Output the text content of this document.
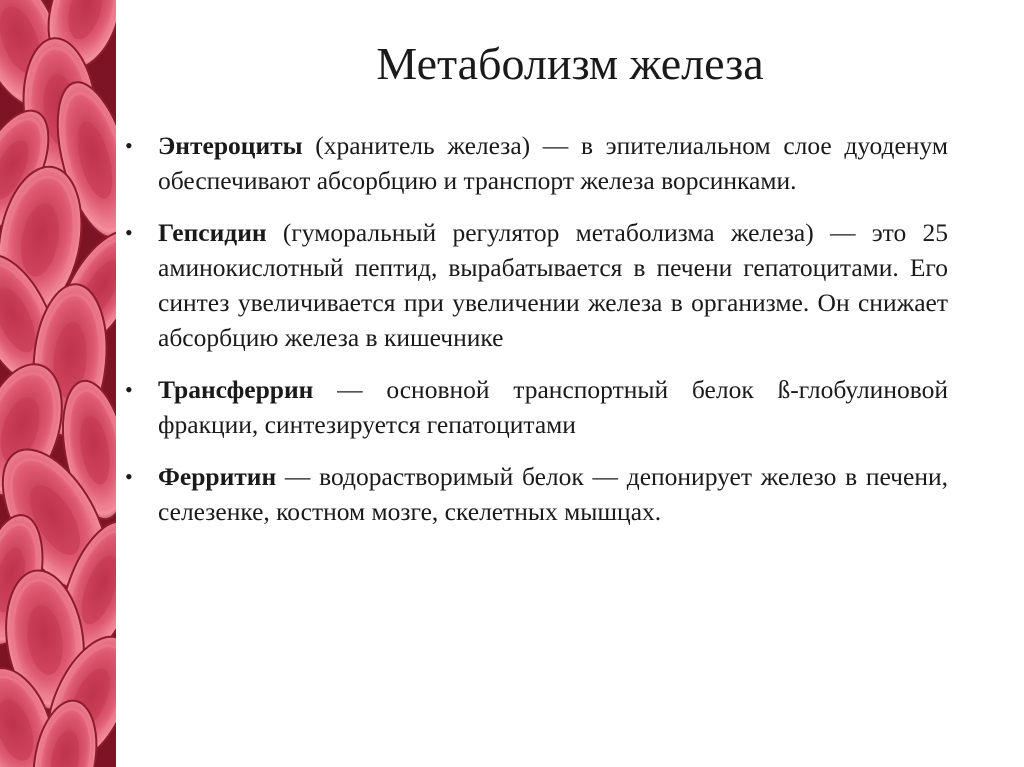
Метаболизм железа
• Энтероциты (хранитель железа) — в эпителиальном слое дуоденум обеспечивают абсорбцию и транспорт железа ворсинками.
• Гепсидин (гуморальный регулятор метаболизма железа) — это 25 аминокислотный пептид, вырабатывается в печени гепатоцитами. Его синтез увеличивается при увеличении железа в организме. Он снижает абсорбцию железа в кишечнике
• Трансферрин — основной транспортный белок ß-глобулиновой фракции, синтезируется гепатоцитами
• Ферритин — водорастворимый белок — депонирует железо в печени, селезенке, костном мозге, скелетных мышцах.
